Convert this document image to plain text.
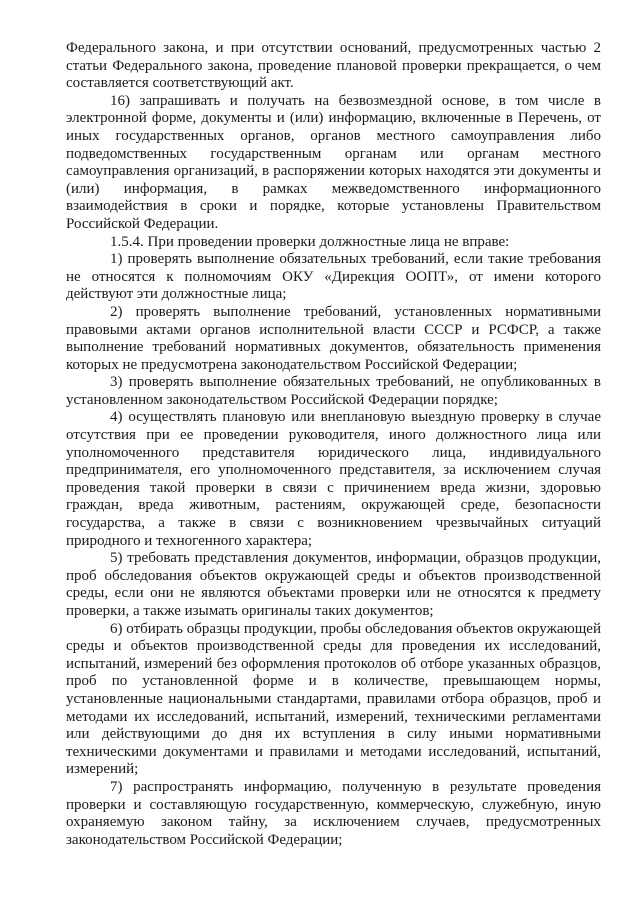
Федерального закона, и при отсутствии оснований, предусмотренных частью 2 статьи Федерального закона, проведение плановой проверки прекращается, о чем составляется соответствующий акт.

16) запрашивать и получать на безвозмездной основе, в том числе в электронной форме, документы и (или) информацию, включенные в Перечень, от иных государственных органов, органов местного самоуправления либо подведомственных государственным органам или органам местного самоуправления организаций, в распоряжении которых находятся эти документы и (или) информация, в рамках межведомственного информационного взаимодействия в сроки и порядке, которые установлены Правительством Российской Федерации.

1.5.4. При проведении проверки должностные лица не вправе:

1) проверять выполнение обязательных требований, если такие требования не относятся к полномочиям ОКУ «Дирекция ООПТ», от имени которого действуют эти должностные лица;

2) проверять выполнение требований, установленных нормативными правовыми актами органов исполнительной власти СССР и РСФСР, а также выполнение требований нормативных документов, обязательность применения которых не предусмотрена законодательством Российской Федерации;

3) проверять выполнение обязательных требований, не опубликованных в установленном законодательством Российской Федерации порядке;

4) осуществлять плановую или внеплановую выездную проверку в случае отсутствия при ее проведении руководителя, иного должностного лица или уполномоченного представителя юридического лица, индивидуального предпринимателя, его уполномоченного представителя, за исключением случая проведения такой проверки в связи с причинением вреда жизни, здоровью граждан, вреда животным, растениям, окружающей среде, безопасности государства, а также в связи с возникновением чрезвычайных ситуаций природного и техногенного характера;

5) требовать представления документов, информации, образцов продукции, проб обследования объектов окружающей среды и объектов производственной среды, если они не являются объектами проверки или не относятся к предмету проверки, а также изымать оригиналы таких документов;

6) отбирать образцы продукции, пробы обследования объектов окружающей среды и объектов производственной среды для проведения их исследований, испытаний, измерений без оформления протоколов об отборе указанных образцов, проб по установленной форме и в количестве, превышающем нормы, установленные национальными стандартами, правилами отбора образцов, проб и методами их исследований, испытаний, измерений, техническими регламентами или действующими до дня их вступления в силу иными нормативными техническими документами и правилами и методами исследований, испытаний, измерений;

7) распространять информацию, полученную в результате проведения проверки и составляющую государственную, коммерческую, служебную, иную охраняемую законом тайну, за исключением случаев, предусмотренных законодательством Российской Федерации;
